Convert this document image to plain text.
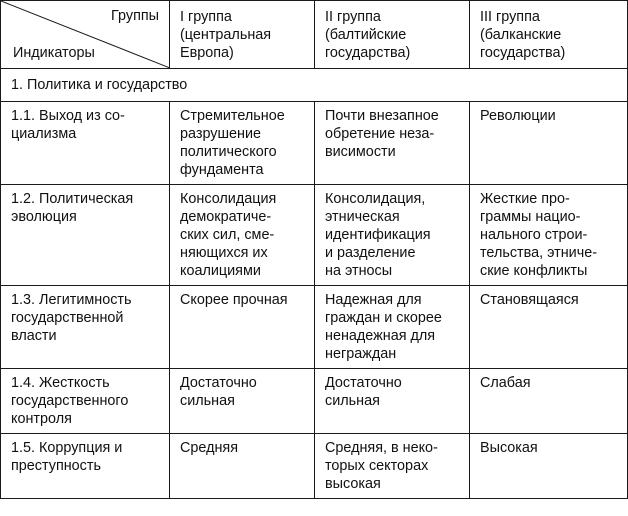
Группы
Индикаторы	I группа
(центральная
Европа)	II группа
(балтийские
государства)	III группа
(балканские
государства)

1. Политика и государство			

1.1. Выход из со-
циализма	Стремительное
разрушение
политического
фундамента	Почти внезапное
обретение неза-
висимости	Революции

1.2. Политическая
эволюция	Консолидация
демократиче-
ских сил, сме-
няющихся их
коалициями	Консолидация,
этническая
идентификация
и разделение
на этносы	Жесткие про-
граммы нацио-
нального строи-
тельства, этниче-
ские конфликты

1.3. Легитимность
государственной
власти	Скорее прочная	Надежная для
граждан и скорее
ненадежная для
неграждан	Становящаяся

1.4. Жесткость
государственного
контроля	Достаточно
сильная	Достаточно
сильная	Слабая

1.5. Коррупция и
преступность	Средняя	Средняя, в неко-
торых секторах
высокая	Высокая
